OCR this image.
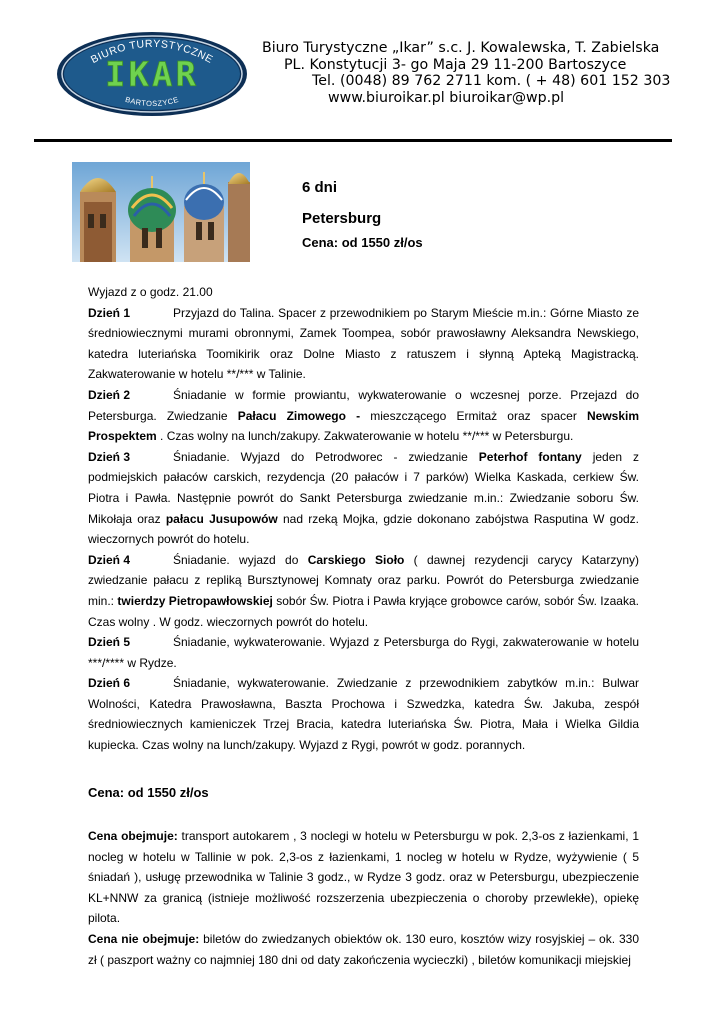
BIURO TURYSTYCZNE
IKAR
BARTOSZYCE
Biuro Turystyczne „Ikar” s.c. J. Kowalewska, T. Zabielska
PL. Konstytucji 3- go Maja 29 11-200 Bartoszyce
Tel. (0048) 89 762 2711 kom. ( + 48) 601 152 303
www.biuroikar.pl biuroikar@wp.pl
6 dni
Petersburg
Cena: od 1550 zł/os

Wyjazd z o godz. 21.00

Dzień 1	Przyjazd do Talina. Spacer z przewodnikiem po Starym Mieście m.in.: Górne Miasto ze średniowiecznymi murami obronnymi, Zamek Toompea, sobór prawosławny Aleksandra Newskiego, katedra luteriańska Toomikirik oraz Dolne Miasto z ratuszem i słynną Apteką Magistracką. Zakwaterowanie w hotelu **/*** w Talinie.

Dzień 2	Śniadanie w formie prowiantu, wykwaterowanie o wczesnej porze. Przejazd do Petersburga. Zwiedzanie Pałacu Zimowego - mieszczącego Ermitaż oraz spacer Newskim Prospektem . Czas wolny na lunch/zakupy. Zakwaterowanie w hotelu **/*** w Petersburgu.

Dzień 3	Śniadanie. Wyjazd do Petrodworec - zwiedzanie Peterhof fontany jeden z podmiejskich pałaców carskich, rezydencja (20 pałaców i 7 parków) Wielka Kaskada, cerkiew Św. Piotra i Pawła. Następnie powrót do Sankt Petersburga zwiedzanie m.in.: Zwiedzanie soboru Św. Mikołaja oraz pałacu Jusupowów nad rzeką Mojka, gdzie dokonano zabójstwa Rasputina W godz. wieczornych powrót do hotelu.

Dzień 4	Śniadanie. wyjazd do Carskiego Sioło ( dawnej rezydencji carycy Katarzyny) zwiedzanie pałacu z repliką Bursztynowej Komnaty oraz parku. Powrót do Petersburga zwiedzanie min.: twierdzy Pietropawłowskiej sobór Św. Piotra i Pawła kryjące grobowce carów, sobór Św. Izaaka. Czas wolny . W godz. wieczornych powrót do hotelu.

Dzień 5	Śniadanie, wykwaterowanie. Wyjazd z Petersburga do Rygi, zakwaterowanie w hotelu ***/**** w Rydze.

Dzień 6	Śniadanie, wykwaterowanie. Zwiedzanie z przewodnikiem zabytków m.in.: Bulwar Wolności, Katedra Prawosławna, Baszta Prochowa i Szwedzka, katedra Św. Jakuba, zespół średniowiecznych kamieniczek Trzej Bracia, katedra luteriańska Św. Piotra, Mała i Wielka Gildia kupiecka. Czas wolny na lunch/zakupy. Wyjazd z Rygi, powrót w godz. porannych.

Cena: od 1550 zł/os

Cena obejmuje: transport autokarem , 3 noclegi w hotelu w Petersburgu w pok. 2,3-os z łazienkami, 1 nocleg w hotelu w Tallinie w pok. 2,3-os z łazienkami, 1 nocleg w hotelu w Rydze, wyżywienie ( 5 śniadań ), usługę przewodnika w Talinie 3 godz., w Rydze 3 godz. oraz w Petersburgu, ubezpieczenie KL+NNW za granicą (istnieje możliwość rozszerzenia ubezpieczenia o choroby przewlekłe), opiekę pilota.

Cena nie obejmuje: biletów do zwiedzanych obiektów ok. 130 euro, kosztów wizy rosyjskiej – ok. 330 zł ( paszport ważny co najmniej 180 dni od daty zakończenia wycieczki) , biletów komunikacji miejskiej
